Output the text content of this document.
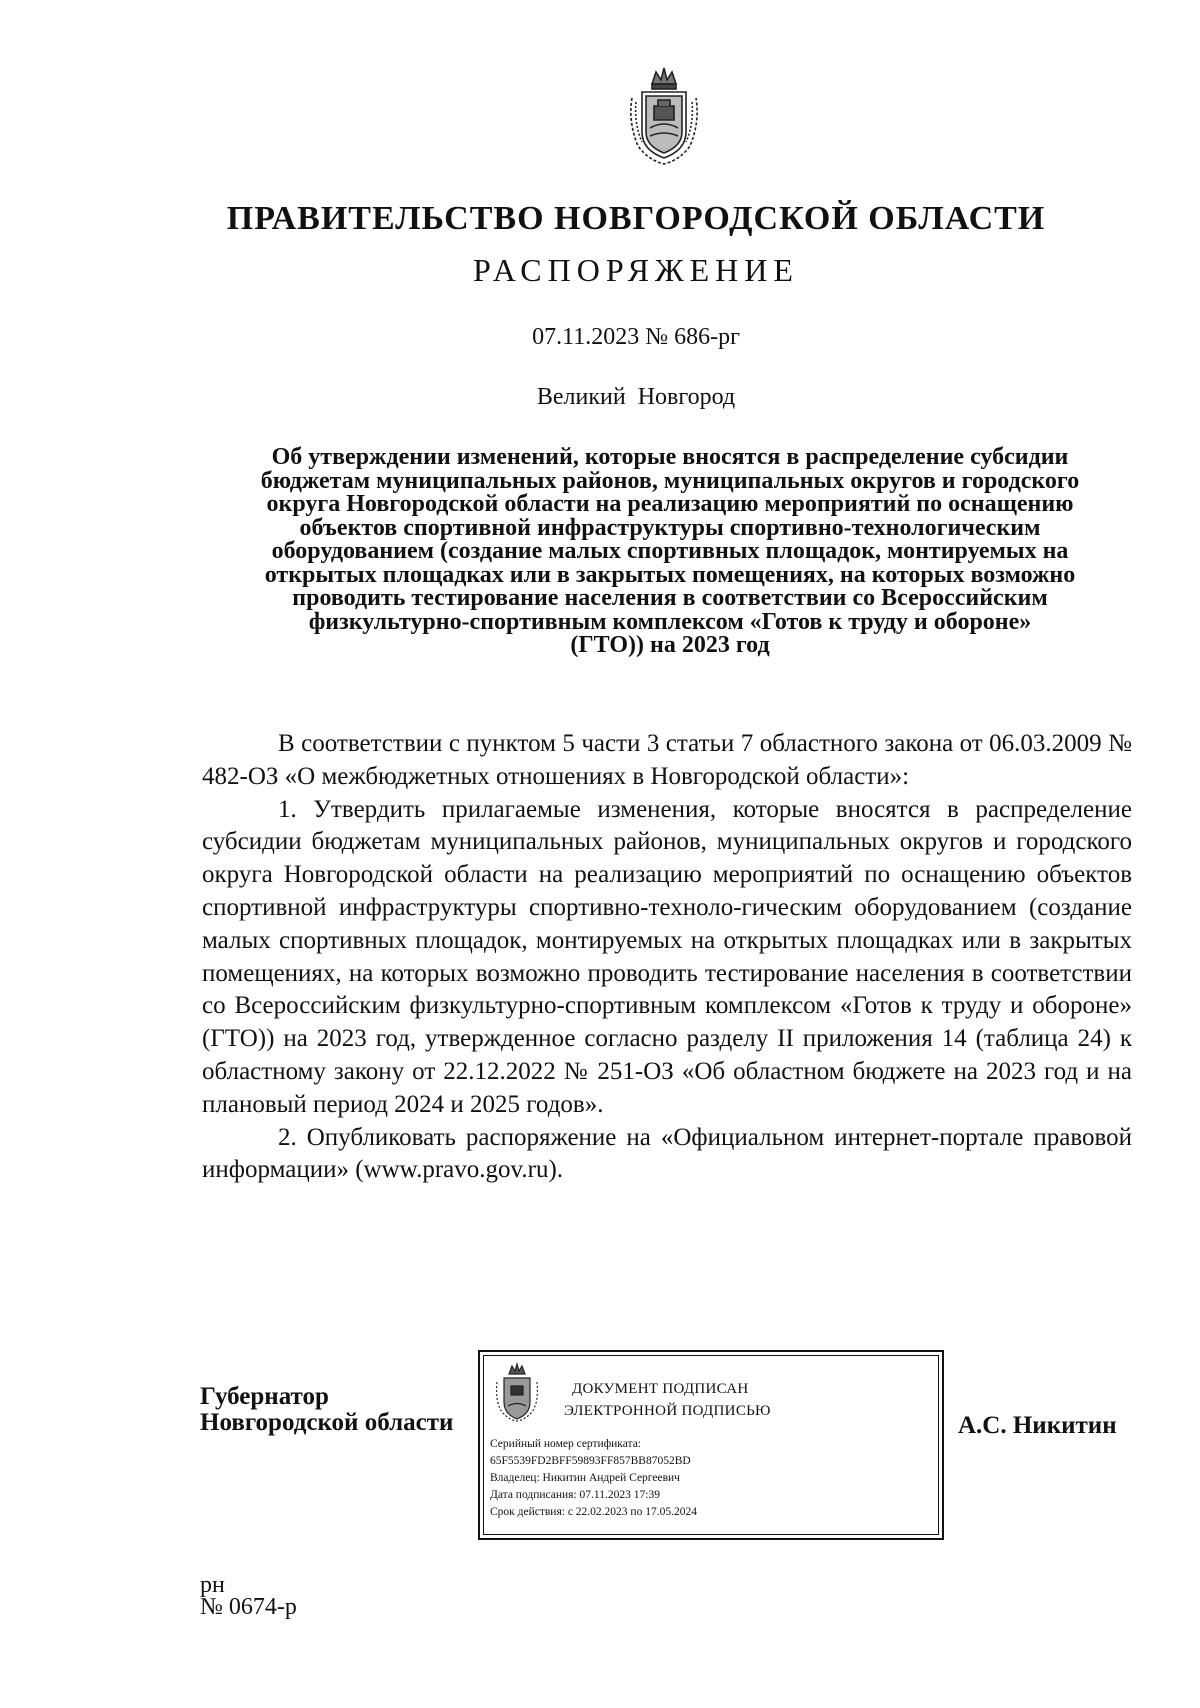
ПРАВИТЕЛЬСТВО НОВГОРОДСКОЙ ОБЛАСТИ
РАСПОРЯЖЕНИЕ
07.11.2023 № 686-рг
Великий Новгород
Об утверждении изменений, которые вносятся в распределение субсидии
бюджетам муниципальных районов, муниципальных округов и городского
округа Новгородской области на реализацию мероприятий по оснащению
объектов спортивной инфраструктуры спортивно-технологическим
оборудованием (создание малых спортивных площадок, монтируемых на
открытых площадках или в закрытых помещениях, на которых возможно
проводить тестирование населения в соответствии со Всероссийским
физкультурно-спортивным комплексом «Готов к труду и обороне»
(ГТО)) на 2023 год

В соответствии с пунктом 5 части 3 статьи 7 областного закона от 06.03.2009 № 482-ОЗ «О межбюджетных отношениях в Новгородской области»:

1. Утвердить прилагаемые изменения, которые вносятся в распределение субсидии бюджетам муниципальных районов, муниципальных округов и городского округа Новгородской области на реализацию мероприятий по оснащению объектов спортивной инфраструктуры спортивно-техноло-гическим оборудованием (создание малых спортивных площадок, монтируемых на открытых площадках или в закрытых помещениях, на которых возможно проводить тестирование населения в соответствии со Всероссийским физкультурно-спортивным комплексом «Готов к труду и обороне» (ГТО)) на 2023 год, утвержденное согласно разделу II приложения 14 (таблица 24) к областному закону от 22.12.2022 № 251-ОЗ «Об областном бюджете на 2023 год и на плановый период 2024 и 2025 годов».

2. Опубликовать распоряжение на «Официальном интернет-портале правовой информации» (www.pravo.gov.ru).

Губернатор
Новгородской области
ДОКУМЕНТ ПОДПИСАН
ЭЛЕКТРОННОЙ ПОДПИСЬЮ
Серийный номер сертификата:
65F5539FD2BFF59893FF857BB87052BD
Владелец: Никитин Андрей Сергеевич
Дата подписания: 07.11.2023 17:39
Срок действия: с 22.02.2023 по 17.05.2024
А.С. Никитин
рн
№ 0674-р
